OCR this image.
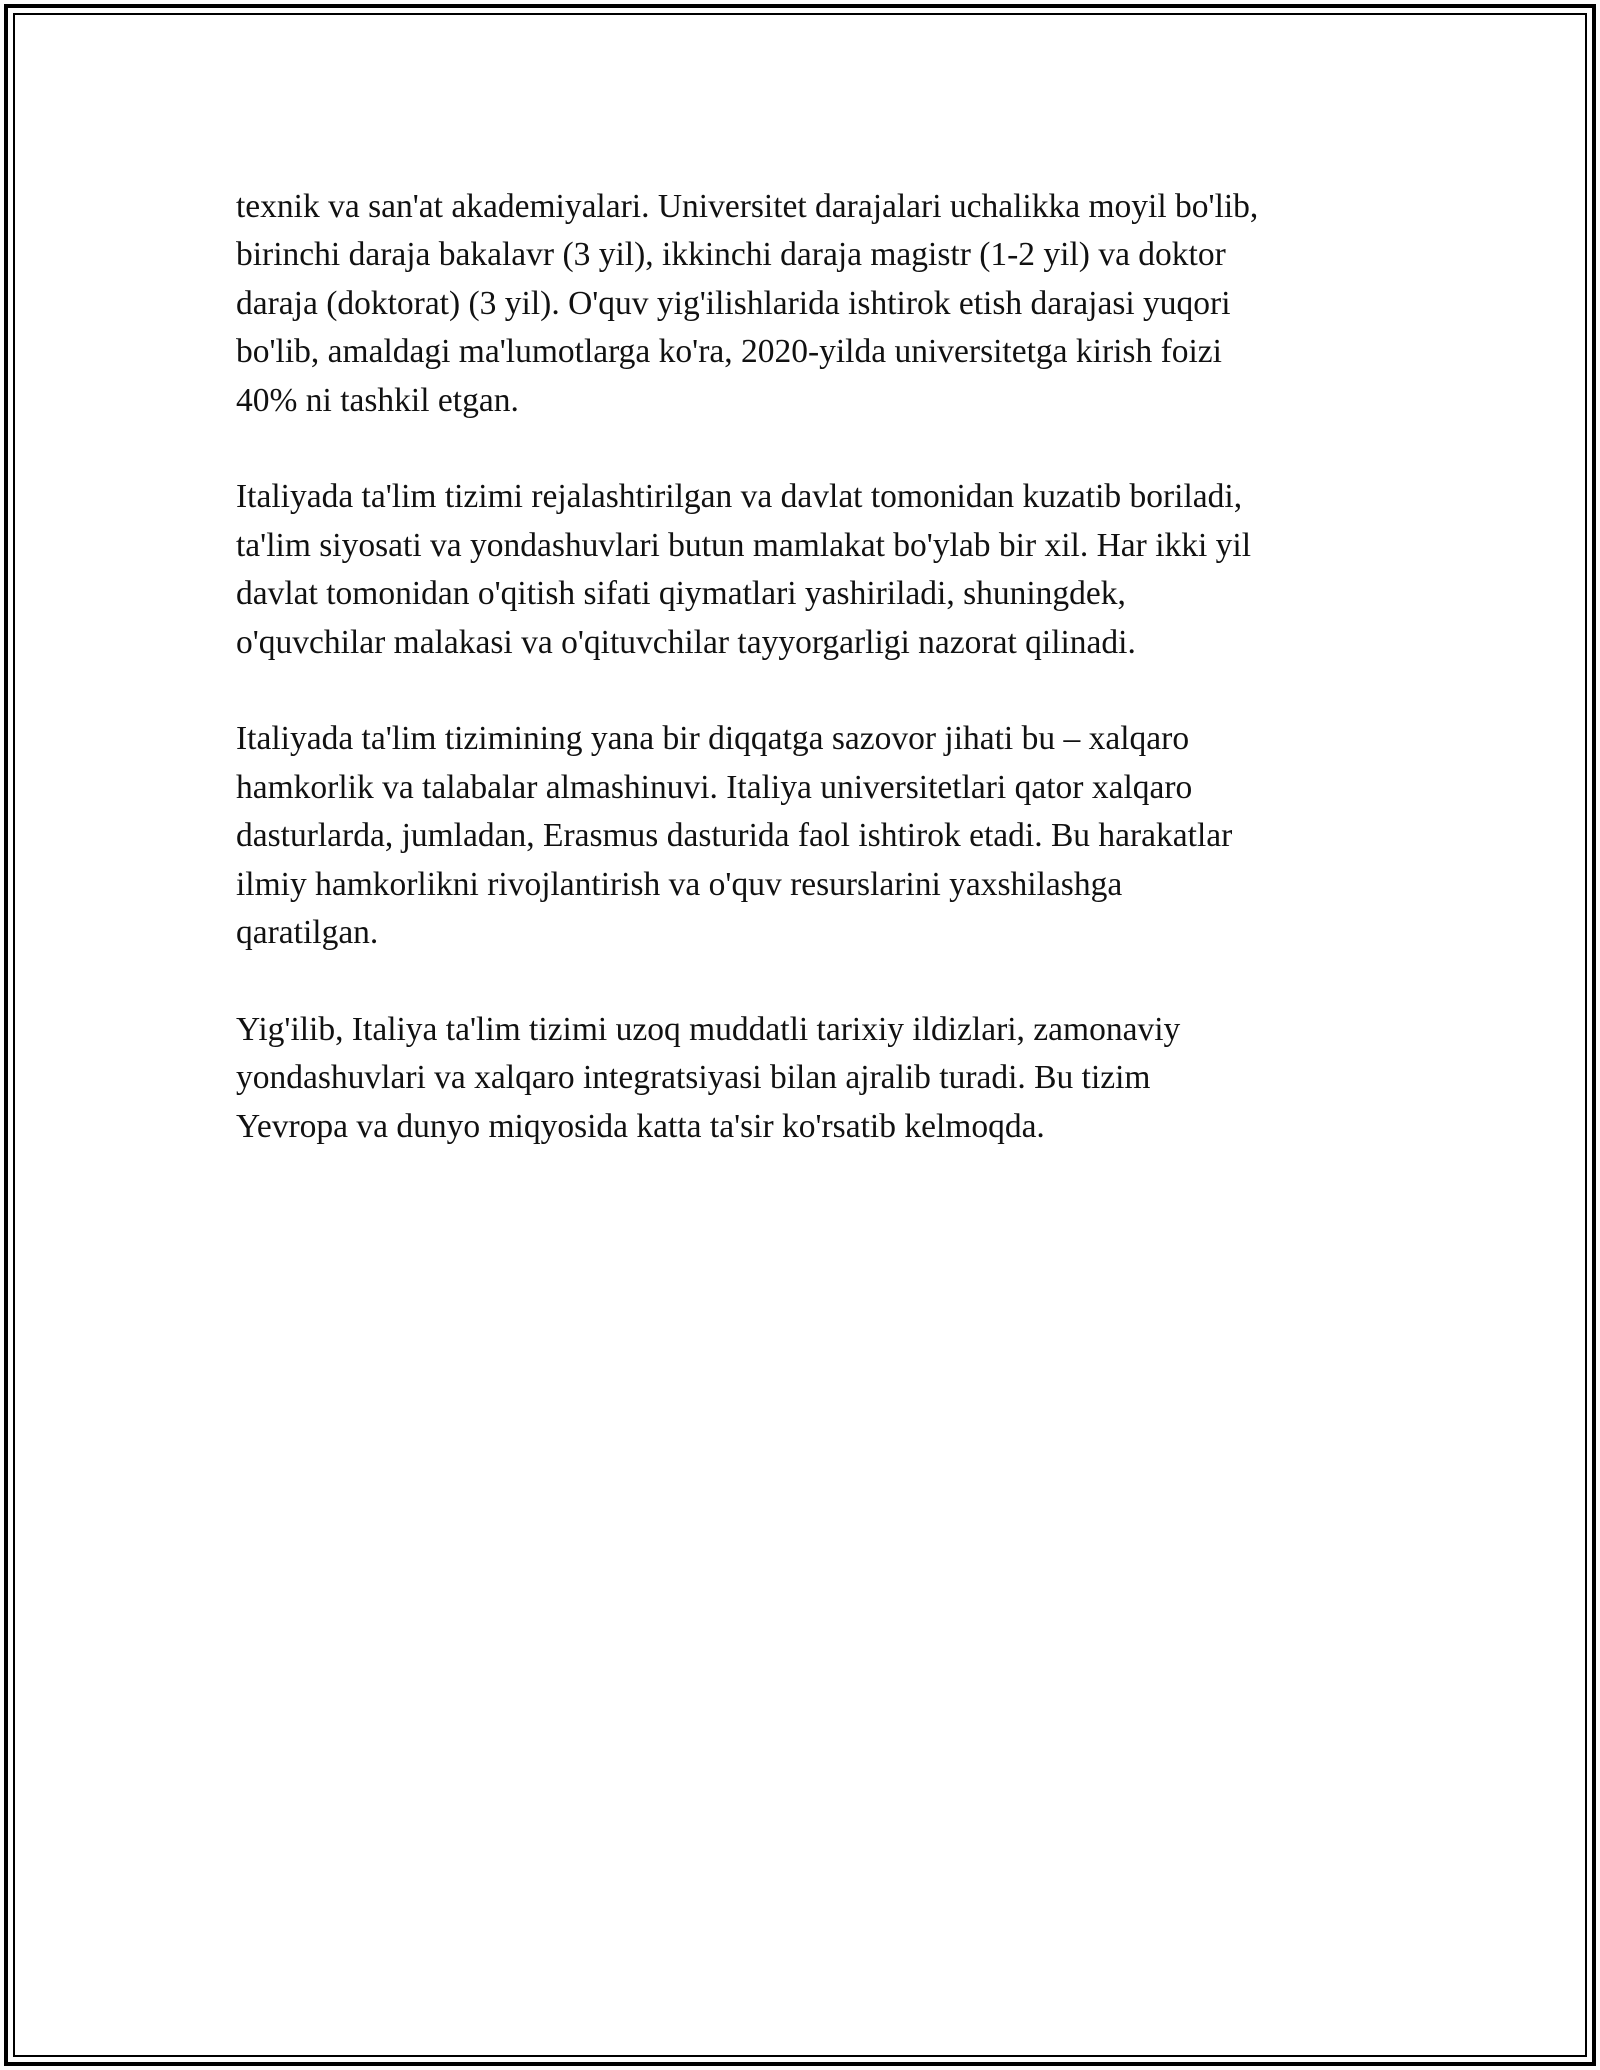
texnik va san'at akademiyalari. Universitet darajalari uchalikka moyil bo'lib,
birinchi daraja bakalavr (3 yil), ikkinchi daraja magistr (1-2 yil) va doktor
daraja (doktorat) (3 yil). O'quv yig'ilishlarida ishtirok etish darajasi yuqori
bo'lib, amaldagi ma'lumotlarga ko'ra, 2020-yilda universitetga kirish foizi
40% ni tashkil etgan.

Italiyada ta'lim tizimi rejalashtirilgan va davlat tomonidan kuzatib boriladi,
ta'lim siyosati va yondashuvlari butun mamlakat bo'ylab bir xil. Har ikki yil
davlat tomonidan o'qitish sifati qiymatlari yashiriladi, shuningdek,
o'quvchilar malakasi va o'qituvchilar tayyorgarligi nazorat qilinadi.

Italiyada ta'lim tizimining yana bir diqqatga sazovor jihati bu – xalqaro
hamkorlik va talabalar almashinuvi. Italiya universitetlari qator xalqaro
dasturlarda, jumladan, Erasmus dasturida faol ishtirok etadi. Bu harakatlar
ilmiy hamkorlikni rivojlantirish va o'quv resurslarini yaxshilashga
qaratilgan.

Yig'ilib, Italiya ta'lim tizimi uzoq muddatli tarixiy ildizlari, zamonaviy
yondashuvlari va xalqaro integratsiyasi bilan ajralib turadi. Bu tizim
Yevropa va dunyo miqyosida katta ta'sir ko'rsatib kelmoqda.
